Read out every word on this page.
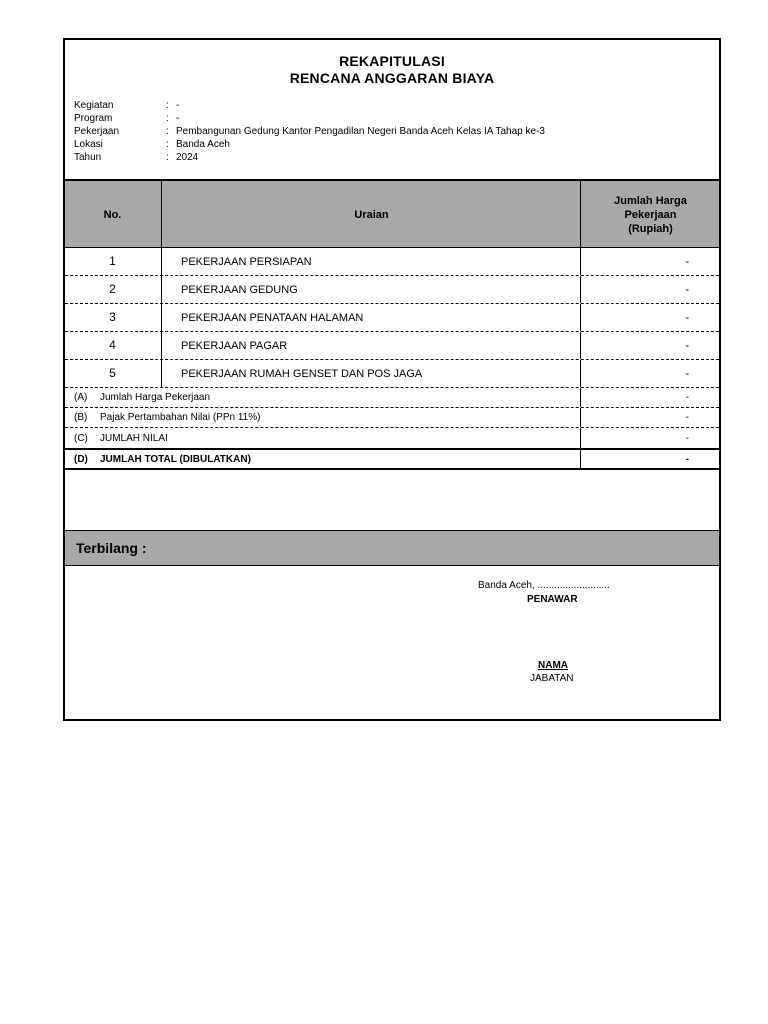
REKAPITULASI
RENCANA ANGGARAN BIAYA
Kegiatan	: -
Program	: -
Pekerjaan	: Pembangunan Gedung Kantor Pengadilan Negeri Banda Aceh Kelas IA Tahap ke-3
Lokasi	: Banda Aceh
Tahun	: 2024
No.	Uraian
Jumlah Harga
Pekerjaan
(Rupiah)
1	PEKERJAAN PERSIAPAN	-
2	PEKERJAAN GEDUNG	-
3	PEKERJAAN PENATAAN HALAMAN	-
4	PEKERJAAN PAGAR	-
5	PEKERJAAN RUMAH GENSET DAN POS JAGA	-
(A) Jumlah Harga Pekerjaan	-
(B) Pajak Pertambahan Nilai (PPn 11%)	-
(C) JUMLAH NILAI	-
(D) JUMLAH TOTAL (DIBULATKAN)	-
Terbilang :
Banda Aceh, ..........................
PENAWAR
NAMA
JABATAN
